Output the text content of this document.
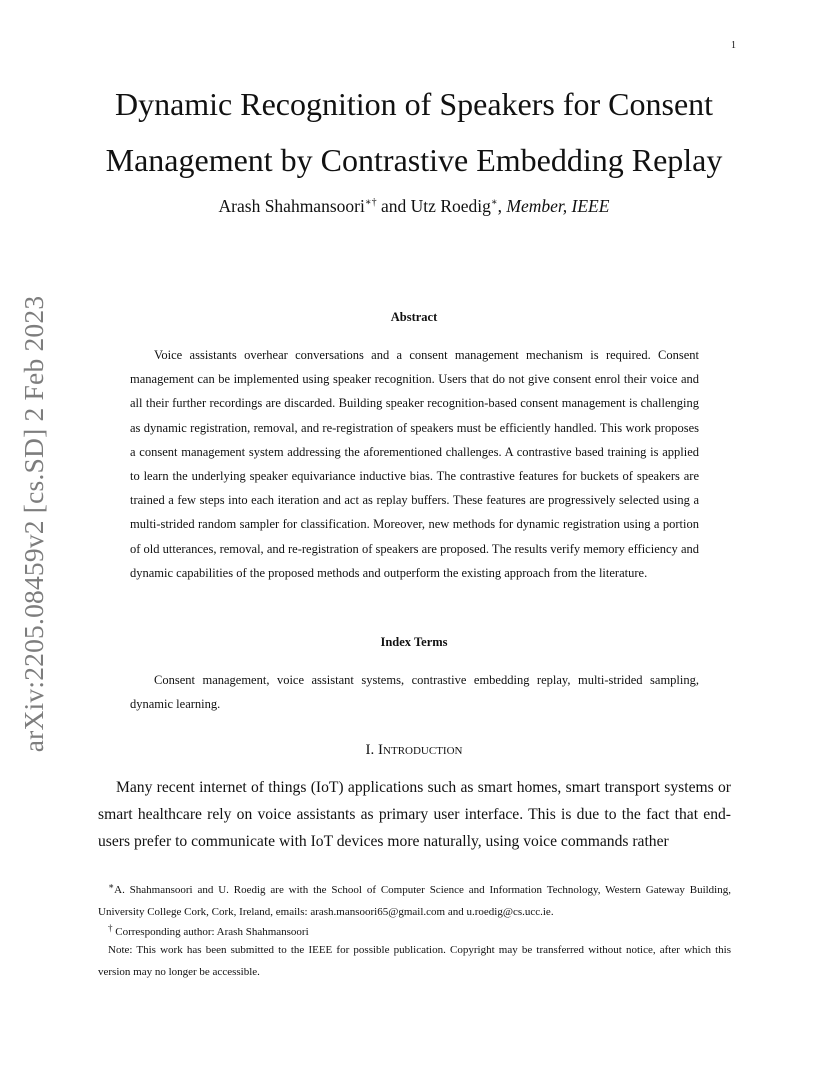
1
arXiv:2205.08459v2 [cs.SD] 2 Feb 2023
Dynamic Recognition of Speakers for Consent Management by Contrastive Embedding Replay
Arash Shahmansoori∗† and Utz Roedig∗, Member, IEEE
Abstract

Voice assistants overhear conversations and a consent management mechanism is required. Consent management can be implemented using speaker recognition. Users that do not give consent enrol their voice and all their further recordings are discarded. Building speaker recognition-based consent management is challenging as dynamic registration, removal, and re-registration of speakers must be efficiently handled. This work proposes a consent management system addressing the aforementioned challenges. A contrastive based training is applied to learn the underlying speaker equivariance inductive bias. The contrastive features for buckets of speakers are trained a few steps into each iteration and act as replay buffers. These features are progressively selected using a multi-strided random sampler for classification. Moreover, new methods for dynamic registration using a portion of old utterances, removal, and re-registration of speakers are proposed. The results verify memory efficiency and dynamic capabilities of the proposed methods and outperform the existing approach from the literature.

Index Terms

Consent management, voice assistant systems, contrastive embedding replay, multi-strided sampling, dynamic learning.

I. Introduction

Many recent internet of things (IoT) applications such as smart homes, smart transport systems or smart healthcare rely on voice assistants as primary user interface. This is due to the fact that end-users prefer to communicate with IoT devices more naturally, using voice commands rather

∗A. Shahmansoori and U. Roedig are with the School of Computer Science and Information Technology, Western Gateway Building, University College Cork, Cork, Ireland, emails: arash.mansoori65@gmail.com and u.roedig@cs.ucc.ie.

† Corresponding author: Arash Shahmansoori

Note: This work has been submitted to the IEEE for possible publication. Copyright may be transferred without notice, after which this version may no longer be accessible.
